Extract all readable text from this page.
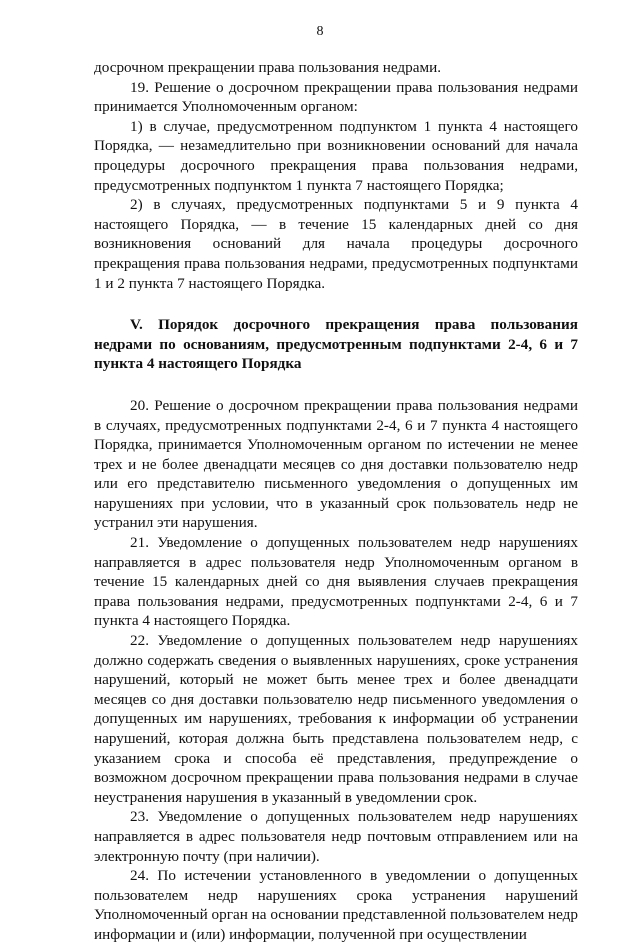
8

досрочном прекращении права пользования недрами.

19. Решение о досрочном прекращении права пользования недрами принимается Уполномоченным органом:

1) в случае, предусмотренном подпунктом 1 пункта 4 настоящего Порядка, — незамедлительно при возникновении оснований для начала процедуры досрочного прекращения права пользования недрами, предусмотренных подпунктом 1 пункта 7 настоящего Порядка;

2) в случаях, предусмотренных подпунктами 5 и 9 пункта 4 настоящего Порядка, — в течение 15 календарных дней со дня возникновения оснований для начала процедуры досрочного прекращения права пользования недрами, предусмотренных подпунктами 1 и 2 пункта 7 настоящего Порядка.

V. Порядок досрочного прекращения права пользования недрами по основаниям, предусмотренным подпунктами 2-4, 6 и 7 пункта 4 настоящего Порядка

20. Решение о досрочном прекращении права пользования недрами в случаях, предусмотренных подпунктами 2-4, 6 и 7 пункта 4 настоящего Порядка, принимается Уполномоченным органом по истечении не менее трех и не более двенадцати месяцев со дня доставки пользователю недр или его представителю письменного уведомления о допущенных им нарушениях при условии, что в указанный срок пользователь недр не устранил эти нарушения.

21. Уведомление о допущенных пользователем недр нарушениях направляется в адрес пользователя недр Уполномоченным органом в течение 15 календарных дней со дня выявления случаев прекращения права пользования недрами, предусмотренных подпунктами 2-4, 6 и 7 пункта 4 настоящего Порядка.

22. Уведомление о допущенных пользователем недр нарушениях должно содержать сведения о выявленных нарушениях, сроке устранения нарушений, который не может быть менее трех и более двенадцати месяцев со дня доставки пользователю недр письменного уведомления о допущенных им нарушениях, требования к информации об устранении нарушений, которая должна быть представлена пользователем недр, с указанием срока и способа её представления, предупреждение о возможном досрочном прекращении права пользования недрами в случае неустранения нарушения в указанный в уведомлении срок.

23. Уведомление о допущенных пользователем недр нарушениях направляется в адрес пользователя недр почтовым отправлением или на электронную почту (при наличии).

24. По истечении установленного в уведомлении о допущенных пользователем недр нарушениях срока устранения нарушений Уполномоченный орган на основании представленной пользователем недр информации и (или) информации, полученной при осуществлении
